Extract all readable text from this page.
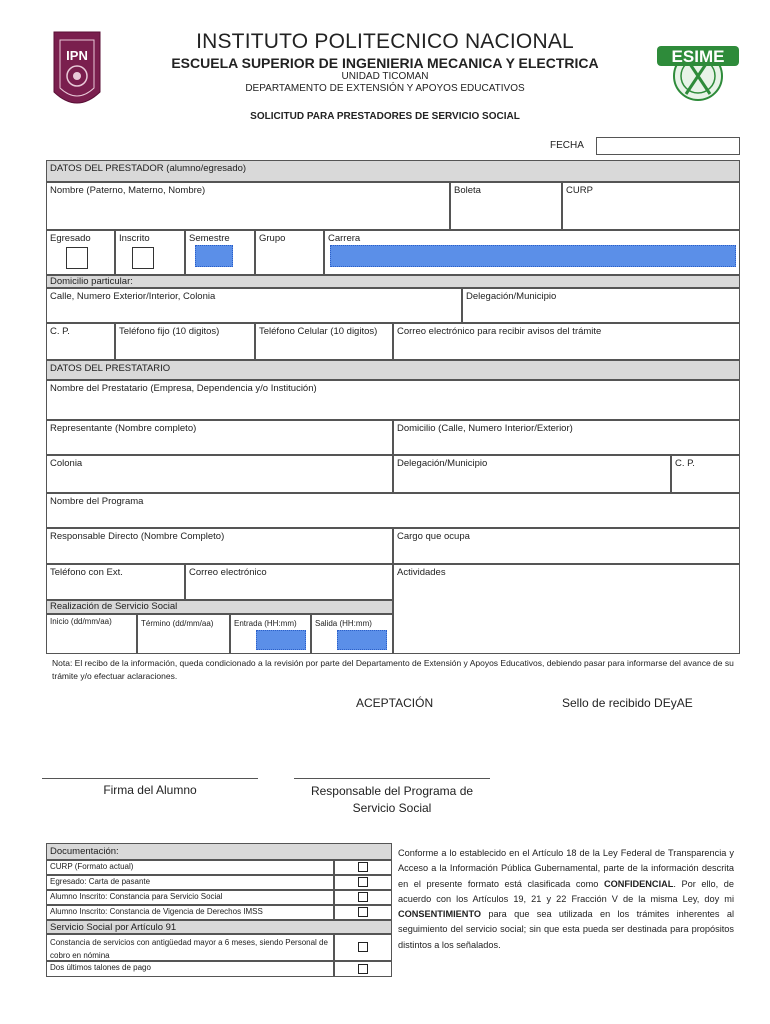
IPN	ESIME
INSTITUTO POLITECNICO NACIONAL
ESCUELA SUPERIOR DE INGENIERIA MECANICA Y ELECTRICA
UNIDAD TICOMAN
DEPARTAMENTO DE EXTENSIÓN Y APOYOS EDUCATIVOS
SOLICITUD PARA PRESTADORES DE SERVICIO SOCIAL
FECHA
DATOS DEL PRESTADOR (alumno/egresado)
Nombre (Paterno, Materno, Nombre)	Boleta	CURP
Egresado	Inscrito	Semestre	Grupo	Carrera
Domicilio particular:
Calle, Numero Exterior/Interior, Colonia	Delegación/Municipio
C. P.	Teléfono fijo (10 digitos)	Teléfono Celular (10 digitos)	Correo electrónico para recibir avisos del trámite
DATOS DEL PRESTATARIO
Nombre del Prestatario (Empresa, Dependencia y/o Institución)
Representante (Nombre completo)	Domicilio (Calle, Numero Interior/Exterior)
Colonia	Delegación/Municipio	C. P.
Nombre del Programa
Responsable Directo (Nombre Completo)	Cargo que ocupa
Teléfono con Ext.	Correo electrónico	Actividades
Realización de Servicio Social
Inicio (dd/mm/aa)	Término (dd/mm/aa)	Entrada (HH:mm)	Salida (HH:mm)
Nota: El recibo de la información, queda condicionado a la revisión por parte del Departamento de Extensión y Apoyos Educativos, debiendo pasar para informarse del avance de su trámite y/o efectuar aclaraciones.
ACEPTACIÓN	Sello de recibido DEyAE
Firma del Alumno	Responsable del Programa de Servicio Social
Documentación:
CURP (Formato actual)
Egresado: Carta de pasante
Alumno Inscrito: Constancia para Servicio Social
Alumno Inscrito: Constancia de Vigencia de Derechos IMSS
Servicio Social por Artículo 91
Constancia de servicios con antigüedad mayor a 6 meses, siendo Personal de cobro en nómina
Dos últimos talones de pago
Conforme a lo establecido en el Artículo 18 de la Ley Federal de Transparencia y Acceso a la Información Pública Gubernamental, parte de la información descrita en el presente formato está clasificada como CONFIDENCIAL. Por ello, de acuerdo con los Artículos 19, 21 y 22 Fracción V de la misma Ley, doy mi CONSENTIMIENTO para que sea utilizada en los trámites inherentes al seguimiento del servicio social; sin que esta pueda ser destinada para propósitos distintos a los señalados.
